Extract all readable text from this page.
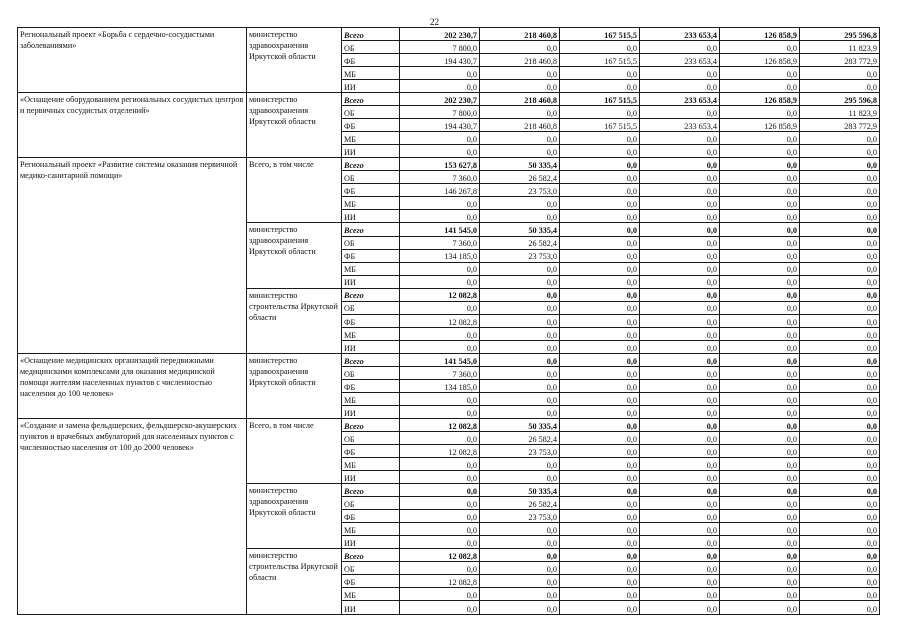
22
Региональный проект «Борьба с сердечно-сосудистыми заболеваниями»	министерство здравоохранения Иркутской области	Всего	202 230,7	218 460,8	167 515,5	233 653,4	126 858,9	295 596,8
		ОБ	7 800,0	0,0	0,0	0,0	0,0	11 823,9
		ФБ	194 430,7	218 460,8	167 515,5	233 653,4	126 858,9	283 772,9
		МБ	0,0	0,0	0,0	0,0	0,0	0,0
		ИИ	0,0	0,0	0,0	0,0	0,0	0,0
«Оснащение оборудованием региональных сосудистых центров и первичных сосудистых отделений»	министерство здравоохранения Иркутской области	Всего	202 230,7	218 460,8	167 515,5	233 653,4	126 858,9	295 596,8
		ОБ	7 800,0	0,0	0,0	0,0	0,0	11 823,9
		ФБ	194 430,7	218 460,8	167 515,5	233 653,4	126 858,9	283 772,9
		МБ	0,0	0,0	0,0	0,0	0,0	0,0
		ИИ	0,0	0,0	0,0	0,0	0,0	0,0
Региональный проект «Развитие системы оказания первичной медико-санитарной помощи»	Всего, в том числе	Всего	153 627,8	50 335,4	0,0	0,0	0,0	0,0
		ОБ	7 360,0	26 582,4	0,0	0,0	0,0	0,0
		ФБ	146 267,8	23 753,0	0,0	0,0	0,0	0,0
		МБ	0,0	0,0	0,0	0,0	0,0	0,0
		ИИ	0,0	0,0	0,0	0,0	0,0	0,0
	министерство здравоохранения Иркутской области	Всего	141 545,0	50 335,4	0,0	0,0	0,0	0,0
		ОБ	7 360,0	26 582,4	0,0	0,0	0,0	0,0
		ФБ	134 185,0	23 753,0	0,0	0,0	0,0	0,0
		МБ	0,0	0,0	0,0	0,0	0,0	0,0
		ИИ	0,0	0,0	0,0	0,0	0,0	0,0
	министерство строительства Иркутской области	Всего	12 082,8	0,0	0,0	0,0	0,0	0,0
		ОБ	0,0	0,0	0,0	0,0	0,0	0,0
		ФБ	12 082,8	0,0	0,0	0,0	0,0	0,0
		МБ	0,0	0,0	0,0	0,0	0,0	0,0
		ИИ	0,0	0,0	0,0	0,0	0,0	0,0
«Оснащение медицинских организаций передвижными медицинскими комплексами для оказания медицинской помощи жителям населенных пунктов с численностью населения до 100 человек»	министерство здравоохранения Иркутской области	Всего	141 545,0	0,0	0,0	0,0	0,0	0,0
		ОБ	7 360,0	0,0	0,0	0,0	0,0	0,0
		ФБ	134 185,0	0,0	0,0	0,0	0,0	0,0
		МБ	0,0	0,0	0,0	0,0	0,0	0,0
		ИИ	0,0	0,0	0,0	0,0	0,0	0,0
«Создание и замена фельдшерских, фельдшерско-акушерских пунктов и врачебных амбулаторий для населенных пунктов с численностью населения от 100 до 2000 человек»	Всего, в том числе	Всего	12 082,8	50 335,4	0,0	0,0	0,0	0,0
		ОБ	0,0	26 582,4	0,0	0,0	0,0	0,0
		ФБ	12 082,8	23 753,0	0,0	0,0	0,0	0,0
		МБ	0,0	0,0	0,0	0,0	0,0	0,0
		ИИ	0,0	0,0	0,0	0,0	0,0	0,0
	министерство здравоохранения Иркутской области	Всего	0,0	50 335,4	0,0	0,0	0,0	0,0
		ОБ	0,0	26 582,4	0,0	0,0	0,0	0,0
		ФБ	0,0	23 753,0	0,0	0,0	0,0	0,0
		МБ	0,0	0,0	0,0	0,0	0,0	0,0
		ИИ	0,0	0,0	0,0	0,0	0,0	0,0
	министерство строительства Иркутской области	Всего	12 082,8	0,0	0,0	0,0	0,0	0,0
		ОБ	0,0	0,0	0,0	0,0	0,0	0,0
		ФБ	12 082,8	0,0	0,0	0,0	0,0	0,0
		МБ	0,0	0,0	0,0	0,0	0,0	0,0
		ИИ	0,0	0,0	0,0	0,0	0,0	0,0
